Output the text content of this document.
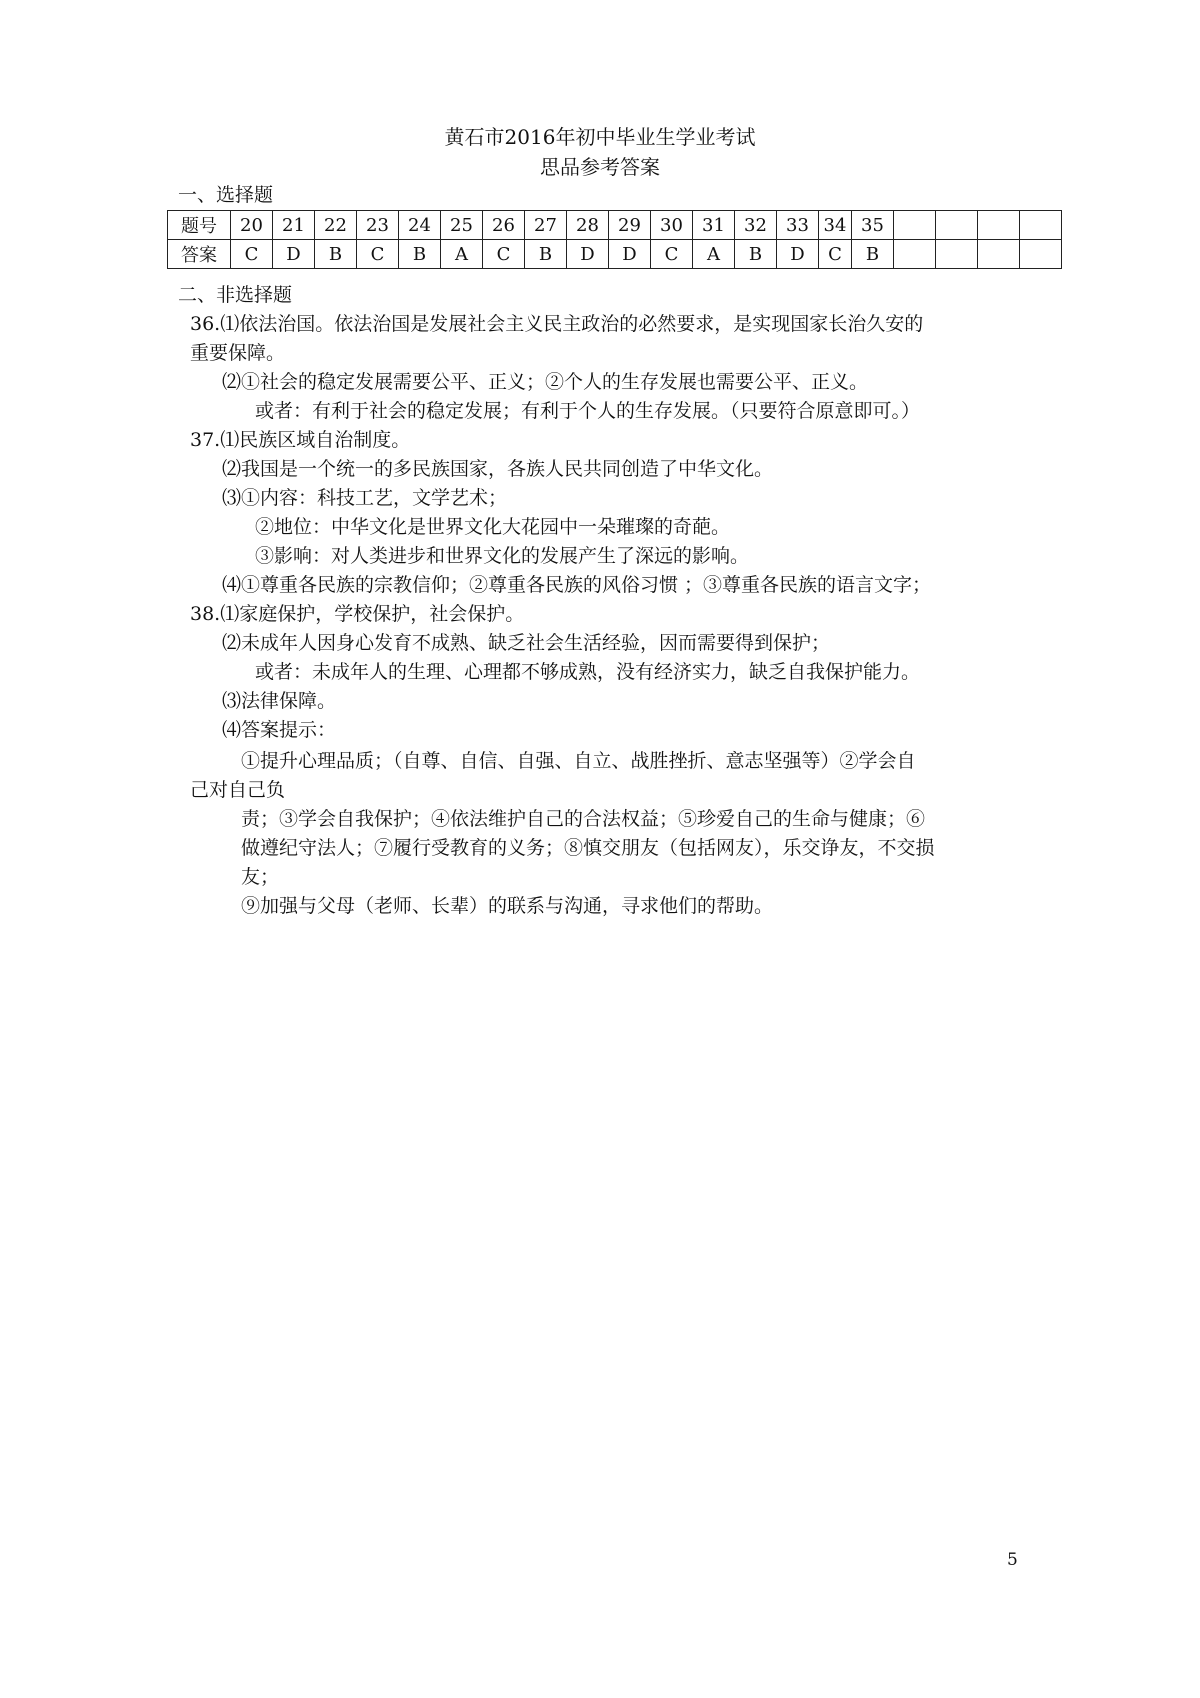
黄石市2016年初中毕业生学业考试
思品参考答案
一、选择题
题号	20	21	22	23	24	25	26	27	28	29	30	31	32	33	34	35				
答案	C	D	B	C	B	A	C	B	D	D	C	A	B	D	C	B				
二、非选择题
36.⑴依法治国。依法治国是发展社会主义民主政治的必然要求，是实现国家长治久安的
重要保障。
⑵①社会的稳定发展需要公平、正义；②个人的生存发展也需要公平、正义。
或者：有利于社会的稳定发展；有利于个人的生存发展。（只要符合原意即可。）
37.⑴民族区域自治制度。
⑵我国是一个统一的多民族国家，各族人民共同创造了中华文化。
⑶①内容：科技工艺，文学艺术；
②地位：中华文化是世界文化大花园中一朵璀璨的奇葩。
③影响：对人类进步和世界文化的发展产生了深远的影响。
⑷①尊重各民族的宗教信仰；②尊重各民族的风俗习惯 ；③尊重各民族的语言文字；
38.⑴家庭保护，学校保护，社会保护。
⑵未成年人因身心发育不成熟、缺乏社会生活经验，因而需要得到保护；
或者：未成年人的生理、心理都不够成熟，没有经济实力，缺乏自我保护能力。
⑶法律保障。
⑷答案提示：
①提升心理品质；（自尊、自信、自强、自立、战胜挫折、意志坚强等）②学会自
己对自己负
责；③学会自我保护；④依法维护自己的合法权益；⑤珍爱自己的生命与健康；⑥
做遵纪守法人；⑦履行受教育的义务；⑧慎交朋友（包括网友），乐交诤友，不交损
友；
⑨加强与父母（老师、长辈）的联系与沟通，寻求他们的帮助。
5
